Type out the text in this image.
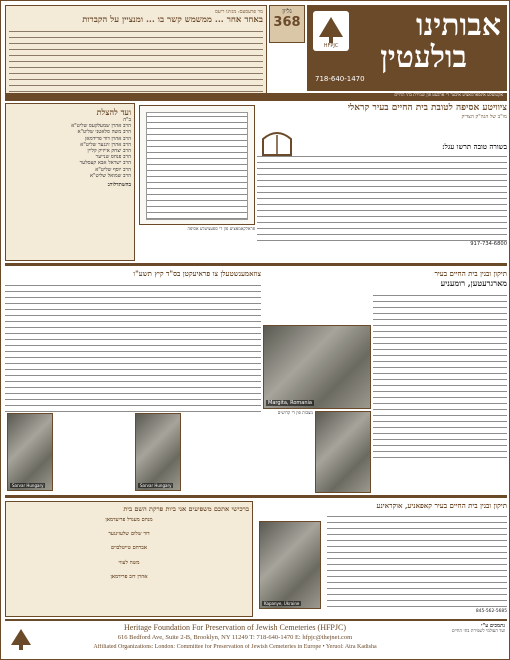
HFPJC
אבותינו
בולעטין
718-640-1470
גליון
368
מר פרעסעס: מגזינו ריעס
באחד אחר ... ממשמש קשר בו ... ומנציין על הקברות
אקטועלע אינפארמאציע איבער די ארבעט פון שמירת בתי החיים
ציוויטע אסיפה לטובת בית החיים בעיר קראלי
מו"ב של הגה"ק הצדיק
בשורה טובה תרשו עגל:
917-734-6800
פראלקאמאציע פון די ספעציעלע אסיפה
ועד להצלת
ב"ה
הרב אהרן שמעלקעס שליט"א
הרב משה סלאטני שליט"א
הרב אהרן דוד פרידמאן
הרב אהרן זינגער שליט"א
הרב יצחק אייזיק קליין
הרב פנחס שנייער
הרב ישראל אבא קעסלער
הרב יוסף שליט"א
הרב שמואל שליט"א
בהשתדלות:
תיקון ובנין בית החיים בעיר
מארגרעטען, רומעניע
Margita, Romania
מצבות פון די קדושים
צוזאמענשטעלן צו פראיעקטן בס"ד קיץ תשע"ו
Sarvar Hungary	Sarvar Hungary
תיקון ובנין בית החיים בעיר קאפאניע, אוקראינע
845-562-5685
Kapanye, Ukraine
ברכישי אתכם משפיעים אני ביות פרקת השם בית
מנחם מענדל פריעדמאן
דוד שלום שלעזינגער
אברהם טייטלבוים
משה לעווי
אהרן דוב פרידמאן
Heritage Foundation For Preservation of Jewish Cemeteries (HFPJC)
616 Bedford Ave, Suite 2-B, Brooklyn, NY 11249 T: 718-640-1470 E: hfpjc@thejnet.com
Affiliated Organizations: London: Committee for Preservation of Jewish Cemeteries in Europe • Yeruol: Atra Kadisha
נתמכים ע"י
ועד העולמי לשמירת בתי החיים
